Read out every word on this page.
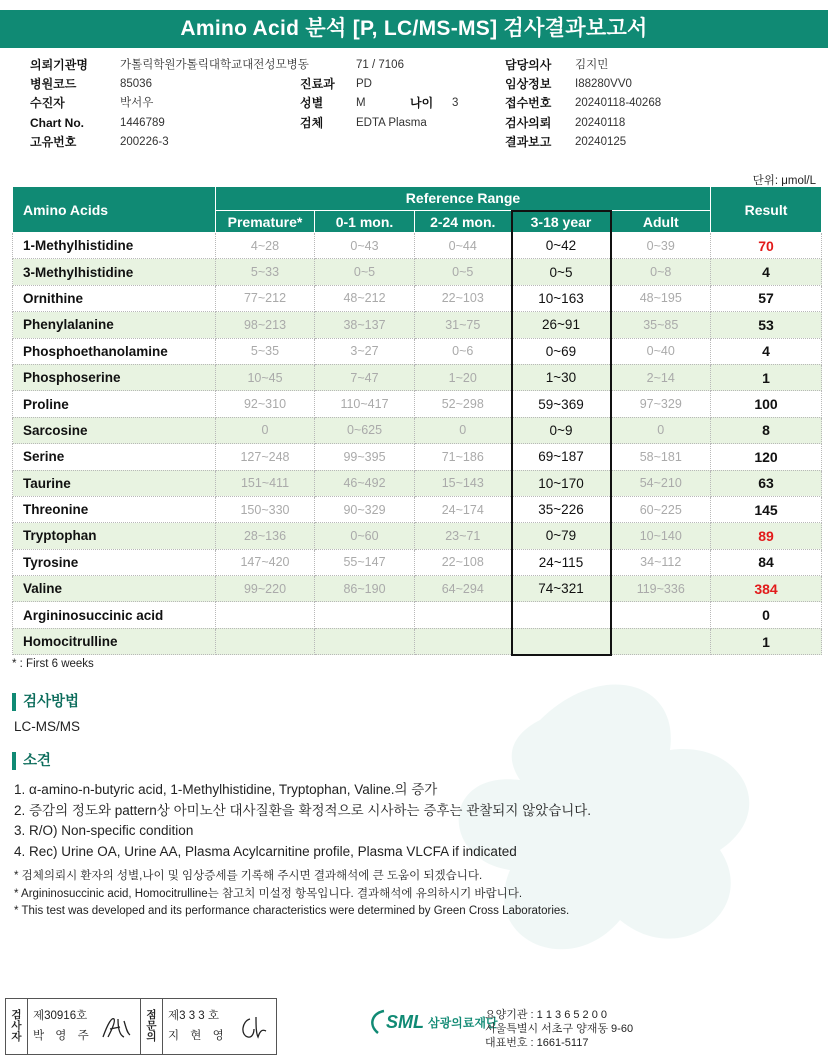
Amino Acid 분석 [P, LC/MS-MS] 검사결과보고서
의뢰기관명	가톨릭학원가톨릭대학교대전성모병동
병원코드	85036
수진자	박서우
Chart No.	1446789
고유번호	200226-3
71 / 7106
진료과	PD
성별	M	나이	3
검체	EDTA Plasma
담당의사	김지민
임상정보	I88280VV0
접수번호	20240118-40268
검사의뢰	20240118
결과보고	20240125
단위: μmol/L
Amino Acids	Reference Range					Result
	Premature*	0-1 mon.	2-24 mon.	3-18 year	Adult	
1-Methylhistidine	4~28	0~43	0~44	0~42	0~39	70
3-Methylhistidine	5~33	0~5	0~5	0~5	0~8	4
Ornithine	77~212	48~212	22~103	10~163	48~195	57
Phenylalanine	98~213	38~137	31~75	26~91	35~85	53
Phosphoethanolamine	5~35	3~27	0~6	0~69	0~40	4
Phosphoserine	10~45	7~47	1~20	1~30	2~14	1
Proline	92~310	110~417	52~298	59~369	97~329	100
Sarcosine	0	0~625	0	0~9	0	8
Serine	127~248	99~395	71~186	69~187	58~181	120
Taurine	151~411	46~492	15~143	10~170	54~210	63
Threonine	150~330	90~329	24~174	35~226	60~225	145
Tryptophan	28~136	0~60	23~71	0~79	10~140	89
Tyrosine	147~420	55~147	22~108	24~115	34~112	84
Valine	99~220	86~190	64~294	74~321	119~336	384
Argininosuccinic acid						0
Homocitrulline						1
* : First 6 weeks
검사방법
LC-MS/MS
소견
1. α-amino-n-butyric acid, 1-Methylhistidine, Tryptophan, Valine.의 증가
2. 증감의 정도와 pattern상 아미노산 대사질환을 확정적으로 시사하는 증후는 관찰되지 않았습니다.
3. R/O) Non-specific condition
4. Rec) Urine OA, Urine AA, Plasma Acylcarnitine profile, Plasma VLCFA if indicated
* 검체의뢰시 환자의 성별,나이 및 임상증세를 기록해 주시면 결과해석에 큰 도움이 되겠습니다.
* Argininosuccinic acid, Homocitrulline는 참고치 미설정 항목입니다. 결과해석에 유의하시기 바랍니다.
* This test was developed and its performance characteristics were determined by Green Cross Laboratories.
검
사
자
제30916호
박 영 주
점
문
의
제3 3 3 호
지 현 영
SML 삼광의료재단
요양기관 : 1 1 3 6 5 2 0 0
서울특별시 서초구 양재동 9-60
대표번호 : 1661-5117
